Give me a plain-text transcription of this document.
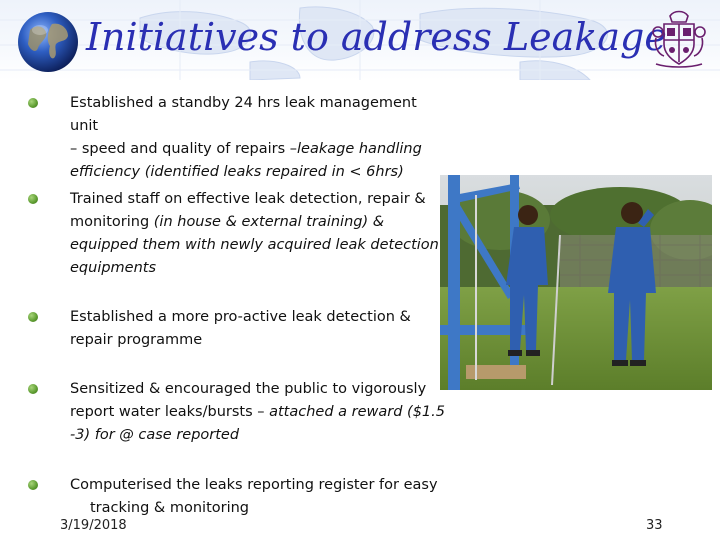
Initiatives to address Leakage
Established a standby 24 hrs leak management unit
– speed and quality of repairs –leakage handling
efficiency (identified leaks repaired in < 6hrs)
Trained staff on effective leak detection, repair &
monitoring (in house & external training) &
equipped them with newly acquired leak detection
equipments
Established a more pro-active leak detection &
repair programme
Sensitized & encouraged the public to vigorously
report water leaks/bursts – attached a reward ($1.5
-3) for @ case reported
Computerised the leaks reporting register for easy
tracking & monitoring
3/19/2018	33
